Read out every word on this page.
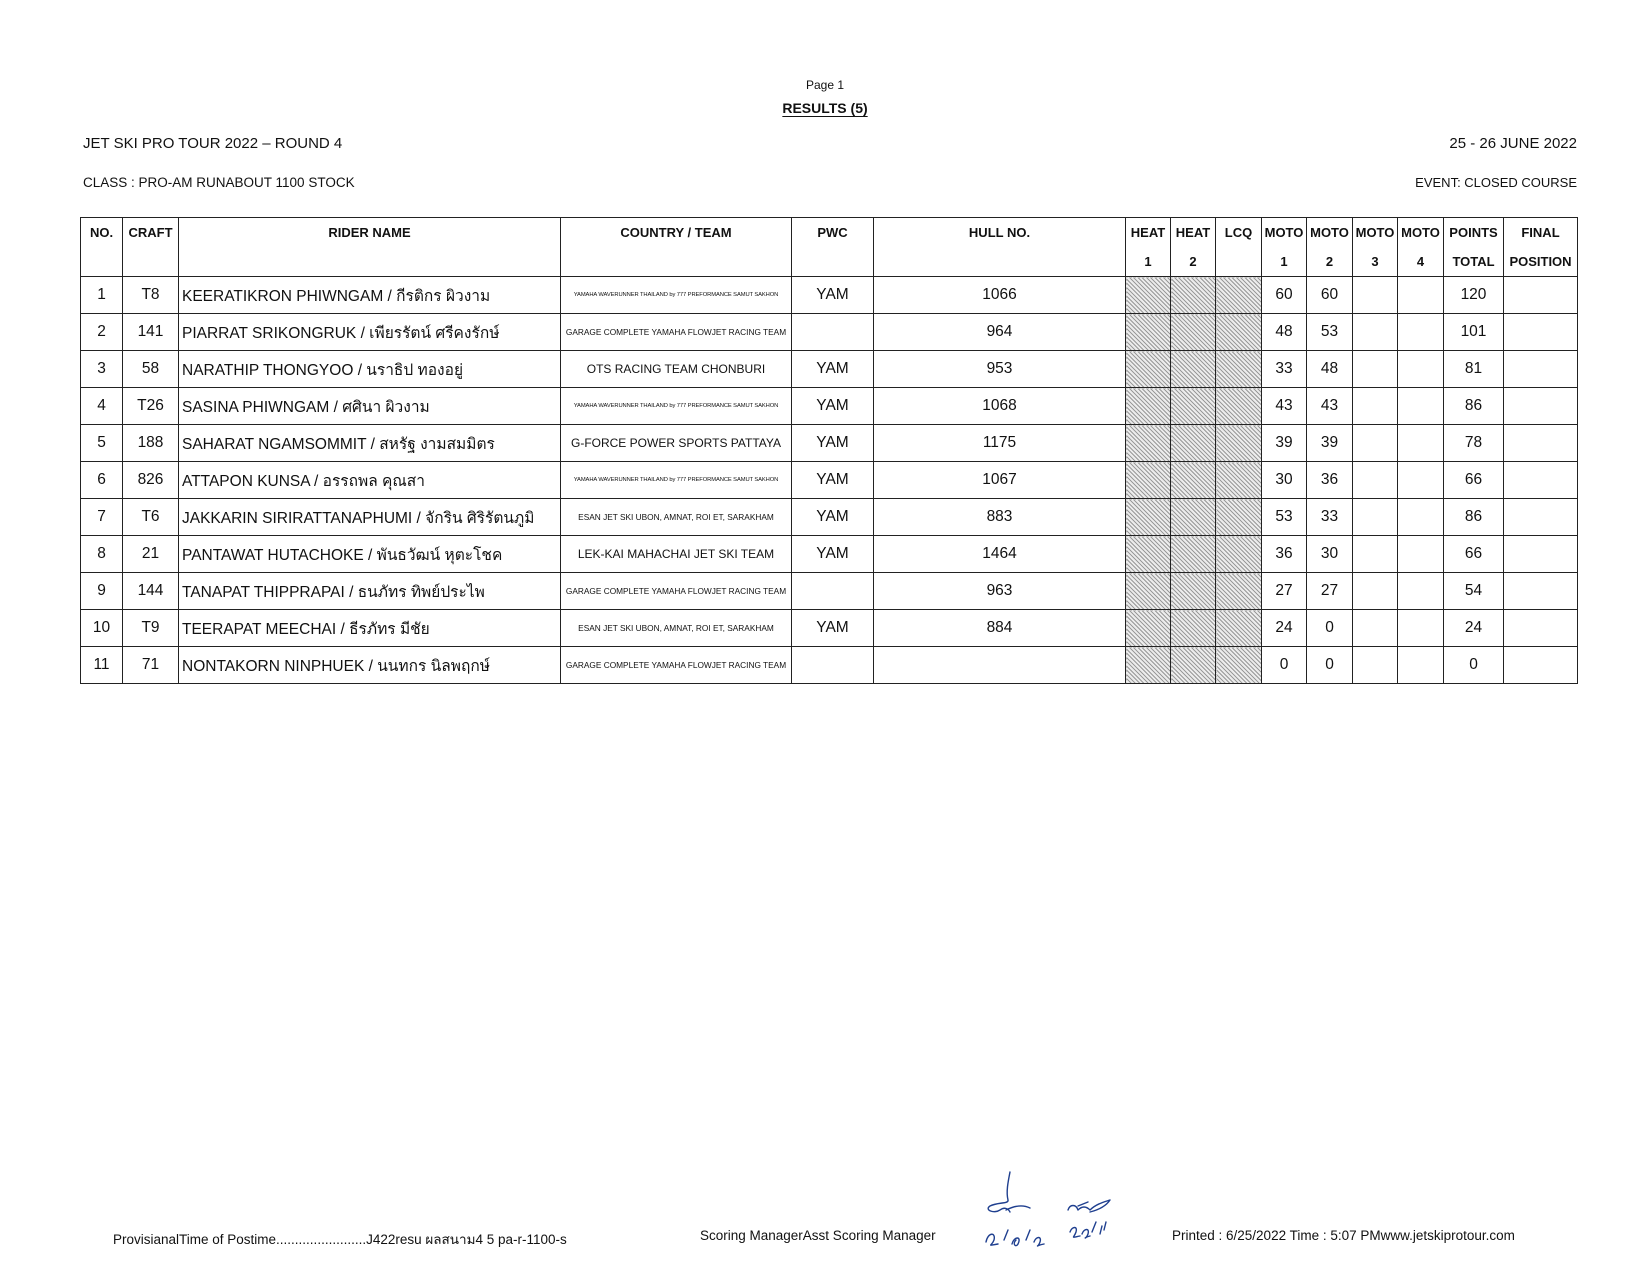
Page 1
RESULTS (5)
JET SKI PRO TOUR 2022 – ROUND 4	25 - 26 JUNE 2022
CLASS : PRO-AM RUNABOUT 1100 STOCK	EVENT: CLOSED COURSE
NO.	CRAFT	RIDER NAME	COUNTRY / TEAM	PWC	HULL NO.	HEAT	HEAT	LCQ	MOTO	MOTO	MOTO	MOTO	POINTS	FINAL
						1	2		1	2	3	4	TOTAL	POSITION
1	T8	KEERATIKRON PHIWNGAM / กีรติกร ผิวงาม	YAMAHA WAVERUNNER THAILAND by 777 PREFORMANCE SAMUT SAKHON	YAM	1066				60	60			120	
2	141	PIARRAT SRIKONGRUK / เพียรรัตน์ ศรีคงรักษ์	GARAGE COMPLETE YAMAHA FLOWJET RACING TEAM		964				48	53			101	
3	58	NARATHIP THONGYOO / นราธิป ทองอยู่	OTS RACING TEAM CHONBURI	YAM	953				33	48			81	
4	T26	SASINA PHIWNGAM / ศศินา ผิวงาม	YAMAHA WAVERUNNER THAILAND by 777 PREFORMANCE SAMUT SAKHON	YAM	1068				43	43			86	
5	188	SAHARAT NGAMSOMMIT / สหรัฐ งามสมมิตร	G-FORCE POWER SPORTS PATTAYA	YAM	1175				39	39			78	
6	826	ATTAPON KUNSA / อรรถพล คุณสา	YAMAHA WAVERUNNER THAILAND by 777 PREFORMANCE SAMUT SAKHON	YAM	1067				30	36			66	
7	T6	JAKKARIN SIRIRATTANAPHUMI / จักริน ศิริรัตนภูมิ	ESAN JET SKI UBON, AMNAT, ROI ET, SARAKHAM	YAM	883				53	33			86	
8	21	PANTAWAT HUTACHOKE / พันธวัฒน์ หุตะโชค	LEK-KAI MAHACHAI JET SKI TEAM	YAM	1464				36	30			66	
9	144	TANAPAT THIPPRAPAI / ธนภัทร ทิพย์ประไพ	GARAGE COMPLETE YAMAHA FLOWJET RACING TEAM		963				27	27			54	
10	T9	TEERAPAT MEECHAI / ธีรภัทร มีชัย	ESAN JET SKI UBON, AMNAT, ROI ET, SARAKHAM	YAM	884				24	0			24	
11	71	NONTAKORN NINPHUEK / นนทกร นิลพฤกษ์	GARAGE COMPLETE YAMAHA FLOWJET RACING TEAM						0	0			0	
ProvisianalTime of Postime........................J422resu ผลสนาม4 5 pa-r-1100-s	Scoring ManagerAsst Scoring Manager	Printed : 6/25/2022 Time : 5:07 PMwww.jetskiprotour.com
